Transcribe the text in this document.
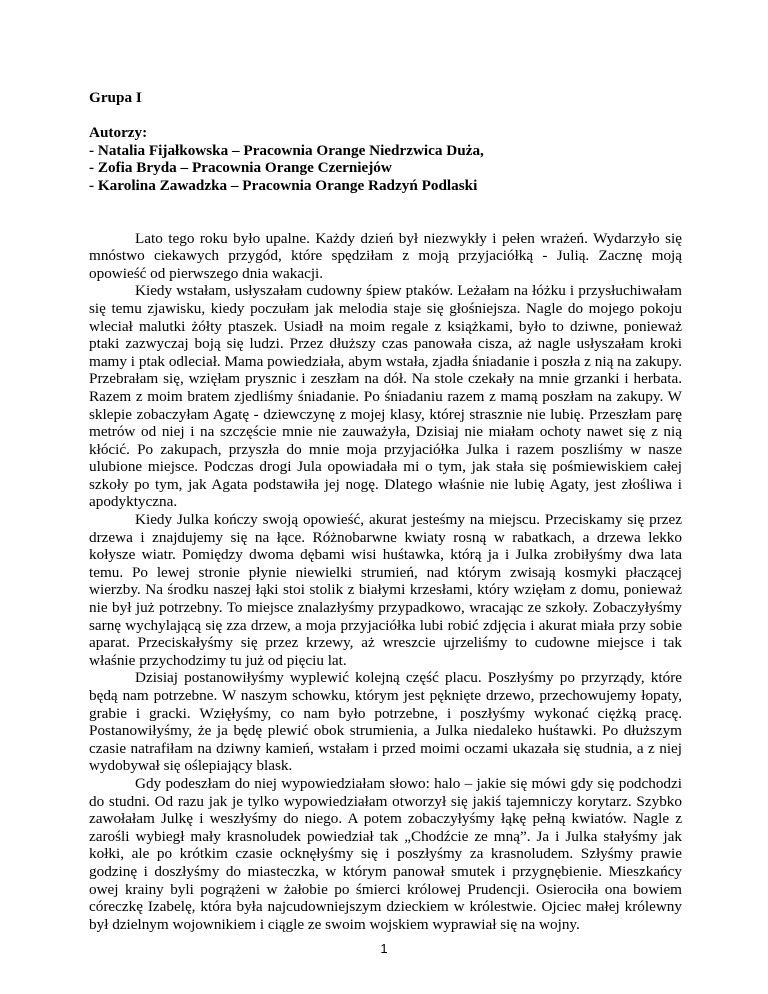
Grupa I

Autorzy:
- Natalia Fijałkowska – Pracownia Orange Niedrzwica Duża,
- Zofia Bryda – Pracownia Orange Czerniejów
- Karolina Zawadzka – Pracownia Orange Radzyń Podlaski

Lato tego roku było upalne. Każdy dzień był niezwykły i pełen wrażeń. Wydarzyło się mnóstwo ciekawych przygód, które spędziłam z moją przyjaciółką - Julią. Zacznę moją opowieść od pierwszego dnia wakacji.

Kiedy wstałam, usłyszałam cudowny śpiew ptaków. Leżałam na łóżku i przysłuchiwałam się temu zjawisku, kiedy poczułam jak melodia staje się głośniejsza. Nagle do mojego pokoju wleciał malutki żółty ptaszek. Usiadł na moim regale z książkami, było to dziwne, ponieważ ptaki zazwyczaj boją się ludzi. Przez dłuższy czas panowała cisza, aż nagle usłyszałam kroki mamy i ptak odleciał. Mama powiedziała, abym wstała, zjadła śniadanie i poszła z nią na zakupy. Przebrałam się, wzięłam prysznic i zeszłam na dół. Na stole czekały na mnie grzanki i herbata. Razem z moim bratem zjedliśmy śniadanie. Po śniadaniu razem z mamą poszłam na zakupy. W sklepie zobaczyłam Agatę - dziewczynę z mojej klasy, której strasznie nie lubię. Przeszłam parę metrów od niej i na szczęście mnie nie zauważyła, Dzisiaj nie miałam ochoty nawet się z nią kłócić. Po zakupach, przyszła do mnie moja przyjaciółka Julka i razem poszliśmy w nasze ulubione miejsce. Podczas drogi Jula opowiadała mi o tym, jak stała się pośmiewiskiem całej szkoły po tym, jak Agata podstawiła jej nogę. Dlatego właśnie nie lubię Agaty, jest złośliwa i apodyktyczna.

Kiedy Julka kończy swoją opowieść, akurat jesteśmy na miejscu. Przeciskamy się przez drzewa i znajdujemy się na łące. Różnobarwne kwiaty rosną w rabatkach, a drzewa lekko kołysze wiatr. Pomiędzy dwoma dębami wisi huśtawka, którą ja i Julka zrobiłyśmy dwa lata temu. Po lewej stronie płynie niewielki strumień, nad którym zwisają kosmyki płaczącej wierzby. Na środku naszej łąki stoi stolik z białymi krzesłami, który wzięłam z domu, ponieważ nie był już potrzebny. To miejsce znalazłyśmy przypadkowo, wracając ze szkoły. Zobaczyłyśmy sarnę wychylającą się zza drzew, a moja przyjaciółka lubi robić zdjęcia i akurat miała przy sobie aparat. Przeciskałyśmy się przez krzewy, aż wreszcie ujrzeliśmy to cudowne miejsce i tak właśnie przychodzimy tu już od pięciu lat.

Dzisiaj postanowiłyśmy wyplewić kolejną część placu. Poszłyśmy po przyrządy, które będą nam potrzebne. W naszym schowku, którym jest pęknięte drzewo, przechowujemy łopaty, grabie i gracki. Wzięłyśmy, co nam było potrzebne, i poszłyśmy wykonać ciężką pracę. Postanowiłyśmy, że ja będę plewić obok strumienia, a Julka niedaleko huśtawki. Po dłuższym czasie natrafiłam na dziwny kamień, wstałam i przed moimi oczami ukazała się studnia, a z niej wydobywał się oślepiający blask.

Gdy podeszłam do niej wypowiedziałam słowo: halo – jakie się mówi gdy się podchodzi do studni. Od razu jak je tylko wypowiedziałam otworzył się jakiś tajemniczy korytarz. Szybko zawołałam Julkę i weszłyśmy do niego. A potem zobaczyłyśmy łąkę pełną kwiatów. Nagle z zarośli wybiegł mały krasnoludek powiedział tak „Chodźcie ze mną”. Ja i Julka stałyśmy jak kołki, ale po krótkim czasie ocknęłyśmy się i poszłyśmy za krasnoludem. Szłyśmy prawie godzinę i doszłyśmy do miasteczka, w którym panował smutek i przygnębienie. Mieszkańcy owej krainy byli pogrążeni w żałobie po śmierci królowej Prudencji. Osierociła ona bowiem córeczkę Izabelę, która była najcudowniejszym dzieckiem w królestwie. Ojciec małej królewny był dzielnym wojownikiem i ciągle ze swoim wojskiem wyprawiał się na wojny.

1
